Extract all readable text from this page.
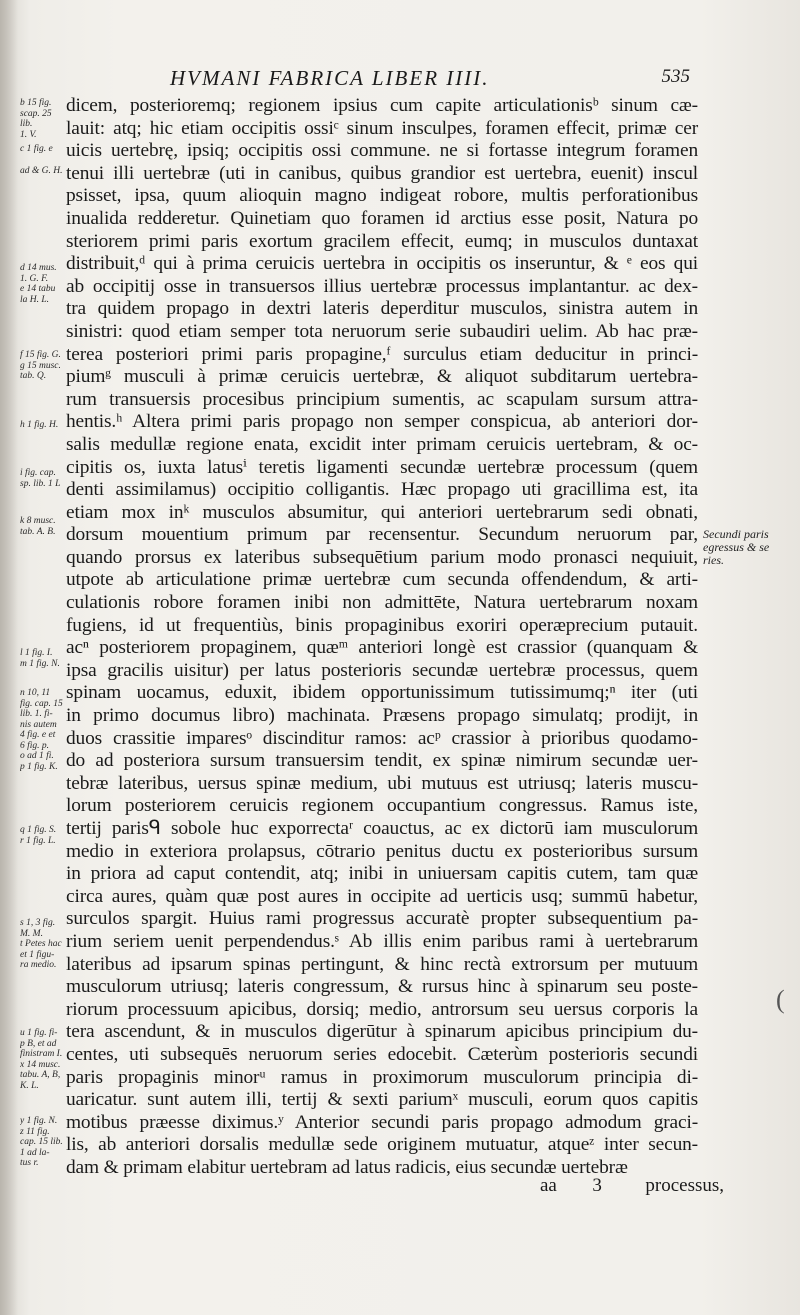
HVMANI FABRICA LIBER IIII.	535
b 15 fig.
scap. 25 lib.
1. V.
c 1 fig. e
ad & G. H.
d 14 mus.
1. G. F.
e 14 tabu
la H. L.
f 15 fig. G.
g 15 musc.
tab. Q.
h 1 fig. H.
i fig. cap.
sp. lib. 1 L
k 8 musc.
tab. A. B.
l 1 fig. I.
m 1 fig. N.
n 10, 11
fig. cap. 15
lib. 1. fi-
nis autem
4 fig. e et
6 fig. p.
o ad 1 fi.
p 1 fig. K.
q 1 fig. S.
r 1 fig. L.
s 1, 3 fig.
M. M.
t Petes hac
et 1 figu-
ra medio.
u 1 fig. fi-
p B, et ad
finistram I.
x 14 musc.
tabu. A, B,
K. L.
y 1 fig. N.
z 11 fig.
cap. 15 lib.
1 ad la-
tus r.
dicem, posterioremq; regionem ipsius cum capite articulationisᵇ sinum cæ-
lauit: atq; hic etiam occipitis ossiᶜ sinum insculpes, foramen effecit, primæ cer
uicis uertebrę, ipsiq; occipitis ossi commune. ne si fortasse integrum foramen
tenui illi uertebræ (uti in canibus, quibus grandior est uertebra, euenit) inscul
psisset, ipsa, quum alioquin magno indigeat robore, multis perforationibus
inualida redderetur. Quinetiam quo foramen id arctius esse posit, Natura po
steriorem primi paris exortum gracilem effecit, eumq; in musculos duntaxat
distribuit,ᵈ qui à prima ceruicis uertebra in occipitis os inseruntur, & ᵉ eos qui
ab occipitij osse in transuersos illius uertebræ processus implantantur. ac dex-
tra quidem propago in dextri lateris deperditur musculos, sinistra autem in
sinistri: quod etiam semper tota neruorum serie subaudiri uelim. Ab hac præ-
terea posteriori primi paris propagine,ᶠ surculus etiam deducitur in princi-
piumᵍ musculi à primæ ceruicis uertebræ, & aliquot subditarum uertebra-
rum transuersis procesibus principium sumentis, ac scapulam sursum attra-
hentis.ʰ Altera primi paris propago non semper conspicua, ab anteriori dor-
salis medullæ regione enata, excidit inter primam ceruicis uertebram, & oc-
cipitis os, iuxta latusⁱ teretis ligamenti secundæ uertebræ processum (quem
denti assimilamus) occipitio colligantis. Hæc propago uti gracillima est, ita
etiam mox inᵏ musculos absumitur, qui anteriori uertebrarum sedi obnati,
dorsum mouentium primum par recensentur. Secundum neruorum par,
quando prorsus ex lateribus subsequētium parium modo pronasci nequiuit,
utpote ab articulatione primæ uertebræ cum secunda offendendum, & arti-
culationis robore foramen inibi non admittēte, Natura uertebrarum noxam
fugiens, id ut frequentiùs, binis propaginibus exoriri operæprecium putauit.
acⁿ posteriorem propaginem, quæᵐ anteriori longè est crassior (quanquam &
ipsa gracilis uisitur) per latus posterioris secundæ uertebræ processus, quem
spinam uocamus, eduxit, ibidem opportunissimum tutissimumq;ⁿ iter (uti
in primo documus libro) machinata. Præsens propago simulatq; prodijt, in
duos crassitie imparesᵒ discinditur ramos: acᵖ crassior à prioribus quodamo-
do ad posteriora sursum transuersim tendit, ex spinæ nimirum secundæ uer-
tebræ lateribus, uersus spinæ medium, ubi mutuus est utriusq; lateris muscu-
lorum posteriorem ceruicis regionem occupantium congressus. Ramus iste,
tertij parisᑫ sobole huc exporrectaʳ coauctus, ac ex dictorū iam musculorum
medio in exteriora prolapsus, cōtrario penitus ductu ex posterioribus sursum
in priora ad caput contendit, atq; inibi in uniuersam capitis cutem, tam quæ
circa aures, quàm quæ post aures in occipite ad uerticis usq; summū habetur,
surculos spargit. Huius rami progressus accuratè propter subsequentium pa-
rium seriem uenit perpendendus.ˢ Ab illis enim paribus rami à uertebrarum
lateribus ad ipsarum spinas pertingunt, & hinc rectà extrorsum per mutuum
musculorum utriusq; lateris congressum, & rursus hinc à spinarum seu poste-
riorum processuum apicibus, dorsiq; medio, antrorsum seu uersus corporis la
tera ascendunt, & in musculos digerūtur à spinarum apicibus principium du-
centes, uti subsequēs neruorum series edocebit. Cæterùm posterioris secundi
paris propaginis minorᵘ ramus in proximorum musculorum principia di-
uaricatur. sunt autem illi, tertij & sexti pariumˣ musculi, eorum quos capitis
motibus præesse diximus.ʸ Anterior secundi paris propago admodum graci-
lis, ab anteriori dorsalis medullæ sede originem mutuatur, atqueᶻ inter secun-
dam & primam elabitur uertebram ad latus radicis, eius secundæ uertebræ
Secundi paris egressus & se ries.
(
aa 3 processus,
